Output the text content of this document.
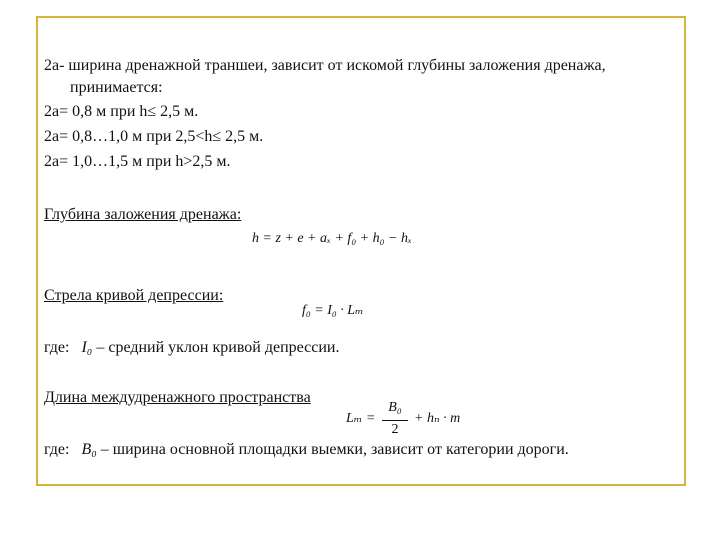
2а- ширина дренажной траншеи, зависит от искомой глубины заложения дренажа,
принимается:
2а= 0,8 м при h≤ 2,5 м.
2а= 0,8…1,0 м при 2,5<h≤ 2,5 м.
2а= 1,0…1,5 м при h>2,5 м.
Глубина заложения дренажа:
h = z + e + aₓ + f₀ + h₀ − hₓ
Стрела кривой депрессии:
f₀ = I₀ · Lₘ
где: I₀ – средний уклон кривой депрессии.
Длина междудренажного пространства
Lₘ =
B₀
2
+ hₙ · m
где: B₀ – ширина основной площадки выемки, зависит от категории дороги.
